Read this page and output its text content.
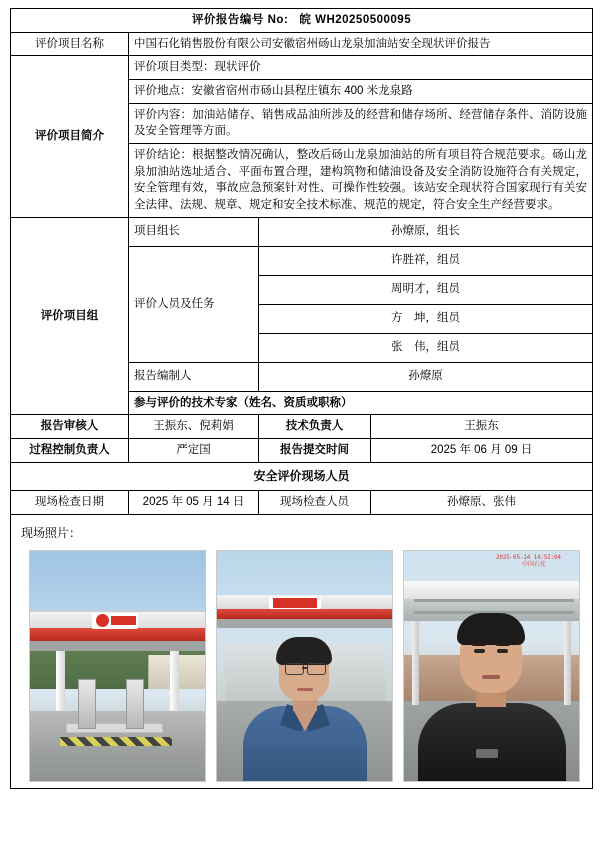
评价报告编号 No: 皖 WH20250500095			
评价项目名称	中国石化销售股份有限公司安徽宿州砀山龙泉加油站安全现状评价报告		
评价项目简介	评价项目类型：现状评价		
	评价地点：安徽省宿州市砀山县程庄镇东 400 米龙泉路		
	评价内容：加油站储存、销售成品油所涉及的经营和储存场所、经营储存条件、消防设施及安全管理等方面。		
	评价结论：根据整改情况确认，整改后砀山龙泉加油站的所有项目符合规范要求。砀山龙泉加油站选址适合、平面布置合理，建构筑物和储油设备及安全消防设施符合有关规定，安全管理有效，事故应急预案针对性、可操作性较强。该站安全现状符合国家现行有关安全法律、法规、规章、规定和安全技术标准、规范的规定，符合安全生产经营要求。		
评价项目组	项目组长	孙燎原，组长	
	评价人员及任务	许胜祥，组员	
		周明才，组员	
		方　坤，组员	
		张　伟，组员	
	报告编制人	孙燎原	
	参与评价的技术专家（姓名、资质或职称）		
报告审核人	王振东、倪莉娟	技术负责人	王振东
过程控制负责人	严定国	报告提交时间	2025 年 06 月 09 日
安全评价现场人员			
现场检查日期	2025 年 05 月 14 日	现场检查人员	孙燎原、张伟

现场照片：
2025-05-14 14:52:04
中国石化			
